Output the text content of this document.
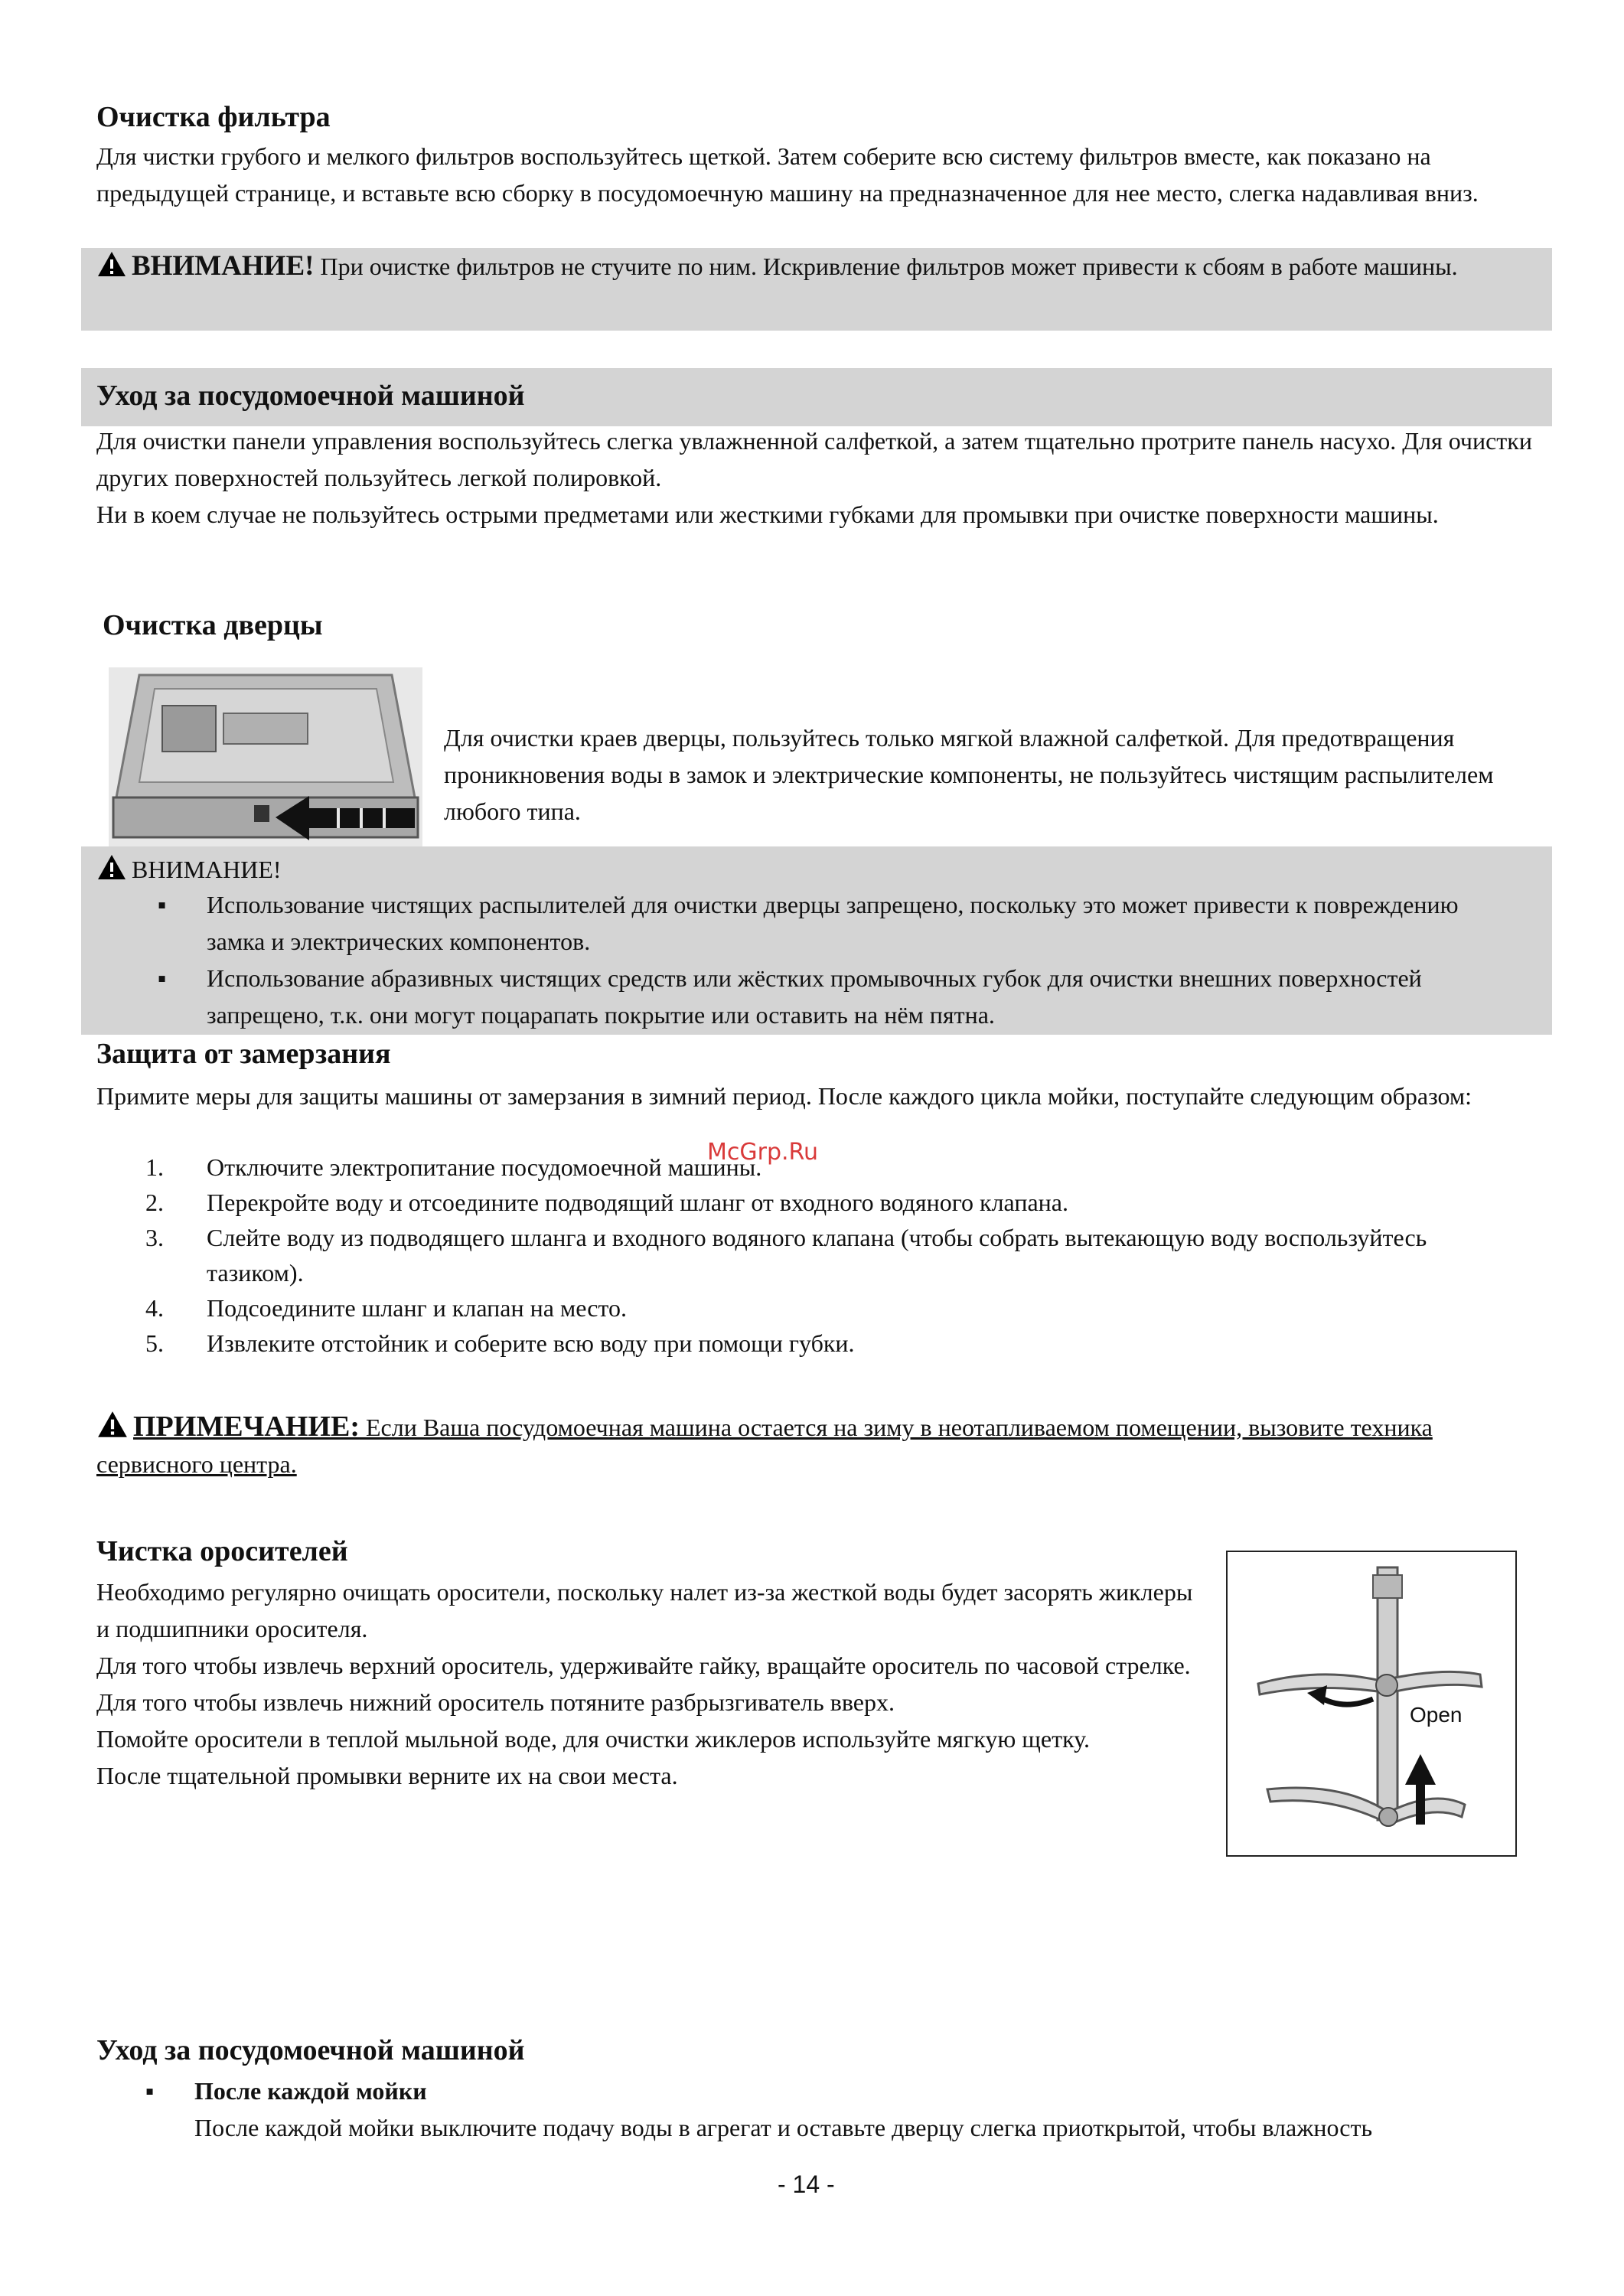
Очистка фильтра
Для чистки грубого и мелкого фильтров воспользуйтесь щеткой. Затем соберите всю систему фильтров вместе, как показано на предыдущей странице, и вставьте всю сборку в посудомоечную машину на предназначенное для нее место, слегка надавливая вниз.
ВНИМАНИЕ! При очистке фильтров не стучите по ним. Искривление фильтров может привести к сбоям в работе машины.
Уход за посудомоечной машиной
Для очистки панели управления воспользуйтесь слегка увлажненной салфеткой, а затем тщательно протрите панель насухо. Для очистки других поверхностей пользуйтесь легкой полировкой.
Ни в коем случае не пользуйтесь острыми предметами или жесткими губками для промывки при очистке поверхности машины.
Очистка дверцы
Для очистки краев дверцы, пользуйтесь только мягкой влажной салфеткой. Для предотвращения проникновения воды в замок и электрические компоненты, не пользуйтесь чистящим распылителем любого типа.
ВНИМАНИЕ!
▪ Использование чистящих распылителей для очистки дверцы запрещено, поскольку это может привести к повреждению замка и электрических компонентов.
▪ Использование абразивных чистящих средств или жёстких промывочных губок для очистки внешних поверхностей запрещено, т.к. они могут поцарапать покрытие или оставить на нём пятна.
Защита от замерзания
Примите меры для защиты машины от замерзания в зимний период. После каждого цикла мойки, поступайте следующим образом:
1. Отключите электропитание посудомоечной машины.
2. Перекройте воду и отсоедините подводящий шланг от входного водяного клапана.
3. Слейте воду из подводящего шланга и входного водяного клапана (чтобы собрать вытекающую воду воспользуйтесь тазиком).
4. Подсоедините шланг и клапан на место.
5. Извлеките отстойник и соберите всю воду при помощи губки.
McGrp.Ru
ПРИМЕЧАНИЕ: Если Ваша посудомоечная машина остается на зиму в неотапливаемом помещении, вызовите техника сервисного центра.
Чистка оросителей
Необходимо регулярно очищать оросители, поскольку налет из-за жесткой воды будет засорять жиклеры и подшипники оросителя.
Для того чтобы извлечь верхний ороситель, удерживайте гайку, вращайте ороситель по часовой стрелке.
Для того чтобы извлечь нижний ороситель потяните разбрызгиватель вверх.
Помойте оросители в теплой мыльной воде, для очистки жиклеров используйте мягкую щетку.
После тщательной промывки верните их на свои места.
Open
Уход за посудомоечной машиной
▪ После каждой мойки
После каждой мойки выключите подачу воды в агрегат и оставьте дверцу слегка приоткрытой, чтобы влажность
- 14 -
